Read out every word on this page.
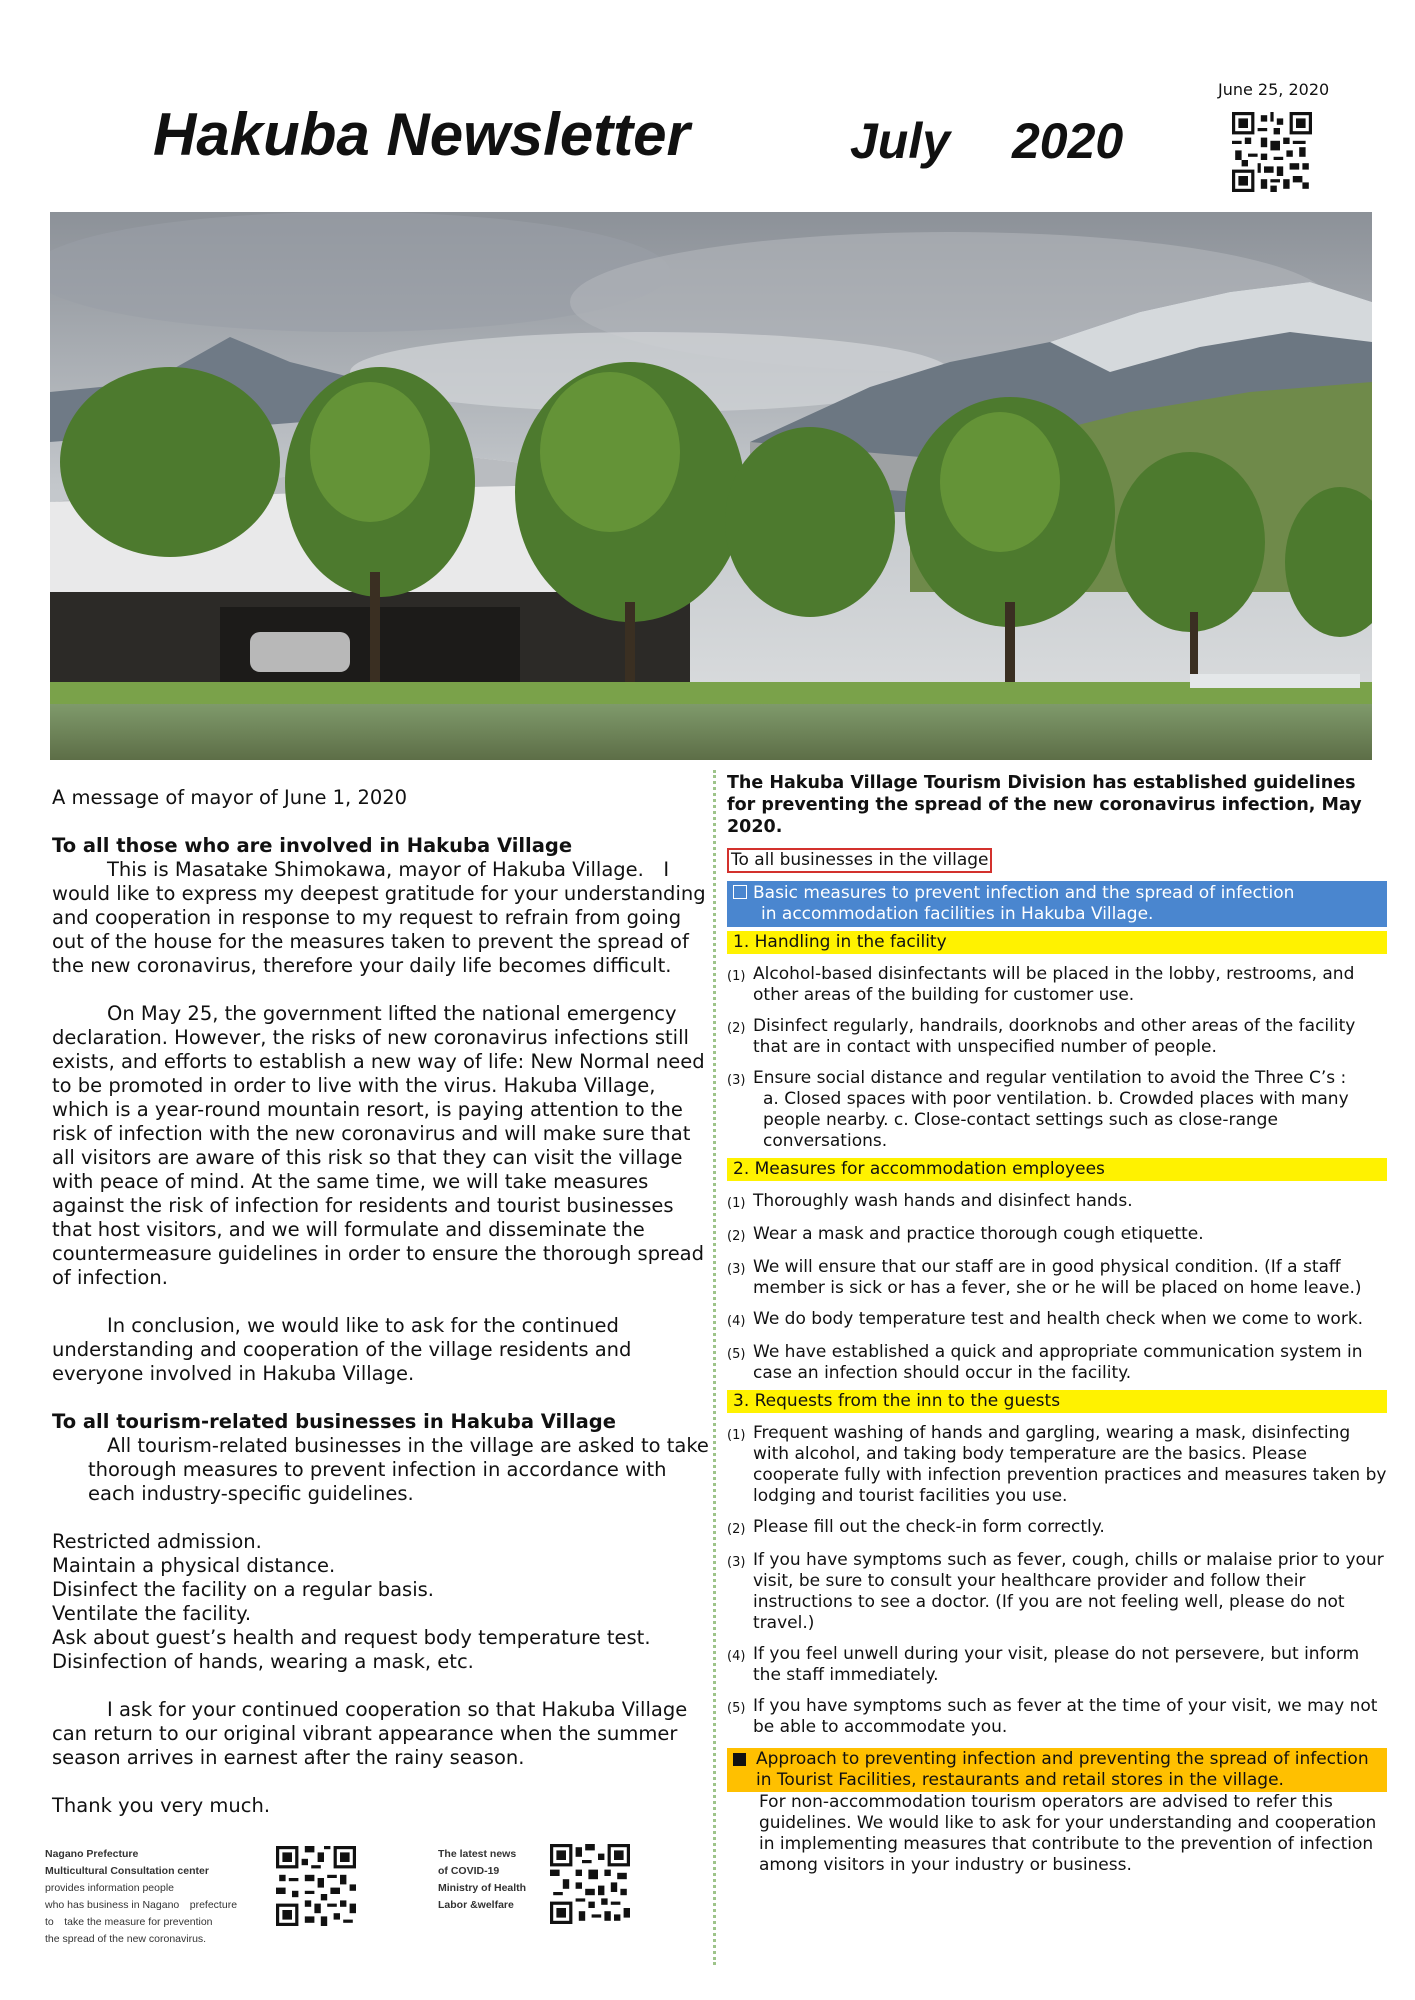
Hakuba Newsletter	July 2020
June 25, 2020

A message of mayor of June 1, 2020

To all those who are involved in Hakuba Village

This is Masatake Shimokawa, mayor of Hakuba Village.　I would like to express my deepest gratitude for your understanding and cooperation in response to my request to refrain from going out of the house for the measures taken to prevent the spread of the new coronavirus, therefore your daily life becomes difficult.

On May 25, the government lifted the national emergency declaration. However, the risks of new coronavirus infections still exists, and efforts to establish a new way of life: New Normal need to be promoted in order to live with the virus. Hakuba Village, which is a year-round mountain resort, is paying attention to the risk of infection with the new coronavirus and will make sure that all visitors are aware of this risk so that they can visit the village with peace of mind. At the same time, we will take measures against the risk of infection for residents and tourist businesses that host visitors, and we will formulate and disseminate the countermeasure guidelines in order to ensure the thorough spread of infection.

In conclusion, we would like to ask for the continued understanding and cooperation of the village residents and everyone involved in Hakuba Village.

To all tourism-related businesses in Hakuba Village

All tourism-related businesses in the village are asked to take thorough measures to prevent infection in accordance with each industry-specific guidelines.

Restricted admission.

Maintain a physical distance.

Disinfect the facility on a regular basis.

Ventilate the facility.

Ask about guest’s health and request body temperature test.

Disinfection of hands, wearing a mask, etc.

I ask for your continued cooperation so that Hakuba Village can return to our original vibrant appearance when the summer season arrives in earnest after the rainy season.

Thank you very much.

The Hakuba Village Tourism Division has established guidelines for preventing the spread of the new coronavirus infection, May 2020.

To all businesses in the village
Basic measures to prevent infection and the spread of infection
in accommodation facilities in Hakuba Village.
1. Handling in the facility
(1) Alcohol-based disinfectants will be placed in the lobby, restrooms, and other areas of the building for customer use.
(2) Disinfect regularly, handrails, doorknobs and other areas of the facility that are in contact with unspecified number of people.
(3) Ensure social distance and regular ventilation to avoid the Three C’s :

a. Closed spaces with poor ventilation. b. Crowded places with many people nearby. c. Close-contact settings such as close-range conversations.
2. Measures for accommodation employees
(1) Thoroughly wash hands and disinfect hands.
(2) Wear a mask and practice thorough cough etiquette.
(3) We will ensure that our staff are in good physical condition. (If a staff member is sick or has a fever, she or he will be placed on home leave.)
(4) We do body temperature test and health check when we come to work.
(5) We have established a quick and appropriate communication system in case an infection should occur in the facility.
3. Requests from the inn to the guests
(1) Frequent washing of hands and gargling, wearing a mask, disinfecting with alcohol, and taking body temperature are the basics. Please cooperate fully with infection prevention practices and measures taken by lodging and tourist facilities you use.
(2) Please fill out the check-in form correctly.
(3) If you have symptoms such as fever, cough, chills or malaise prior to your visit, be sure to consult your healthcare provider and follow their instructions to see a doctor. (If you are not feeling well, please do not travel.)
(4) If you feel unwell during your visit, please do not persevere, but inform the staff immediately.
(5) If you have symptoms such as fever at the time of your visit, we may not be able to accommodate you.
Approach to preventing infection and preventing the spread of infection in Tourist Facilities, restaurants and retail stores in the village.

For non-accommodation tourism operators are advised to refer this guidelines. We would like to ask for your understanding and cooperation in implementing measures that contribute to the prevention of infection among visitors in your industry or business.

Nagano Prefecture
Multicultural Consultation center
provides information people
who has business in Nagano　prefecture
to　take the measure for prevention
the spread of the new coronavirus.
The latest news
of COVID-19
Ministry of Health
Labor &welfare
